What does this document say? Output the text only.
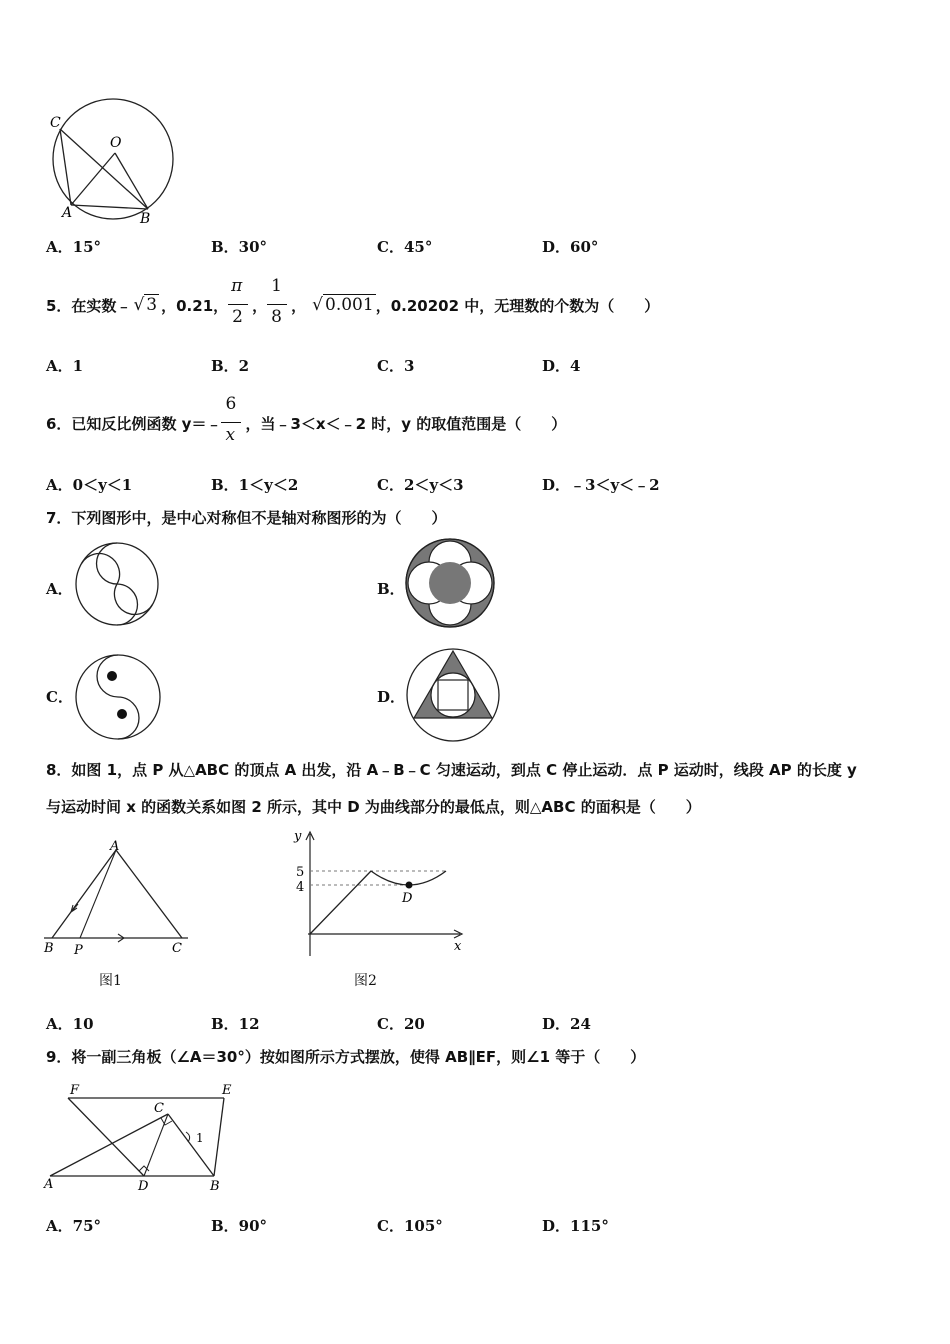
C
O
A	B
A．15°	B．30°	C．45°	D．60°
5．在实数﹣ √ 3 ，0.21， $\frac{\pi}{2}$ ， $\frac{1}{8}$ ， √ 0.001 ，0.20202 中，无理数的个数为（　　）
A．1	B．2	C．3	D．4
6．已知反比例函数 y＝﹣ $\frac{6}{x}$ ，当﹣3＜x＜﹣2 时，y 的取值范围是（　　）
A．0＜y＜1	B．1＜y＜2	C．2＜y＜3	D．﹣3＜y＜﹣2
7．下列图形中，是中心对称但不是轴对称图形的为（　　）
A．	B．
C．	D．
8．如图 1，点 P 从△ABC 的顶点 A 出发，沿 A﹣B﹣C 匀速运动，到点 C 停止运动．点 P 运动时，线段 AP 的长度 y
与运动时间 x 的函数关系如图 2 所示，其中 D 为曲线部分的最低点，则△ABC 的面积是（　　）
A
B P	C
图1
y
x
5
4
D
图2
A．10	B．12	C．20	D．24
9．将一副三角板（∠A＝30°）按如图所示方式摆放，使得 AB∥EF，则∠1 等于（　　）
F	E
C
1
A	D	B
A．75°	B．90°	C．105°	D．115°
